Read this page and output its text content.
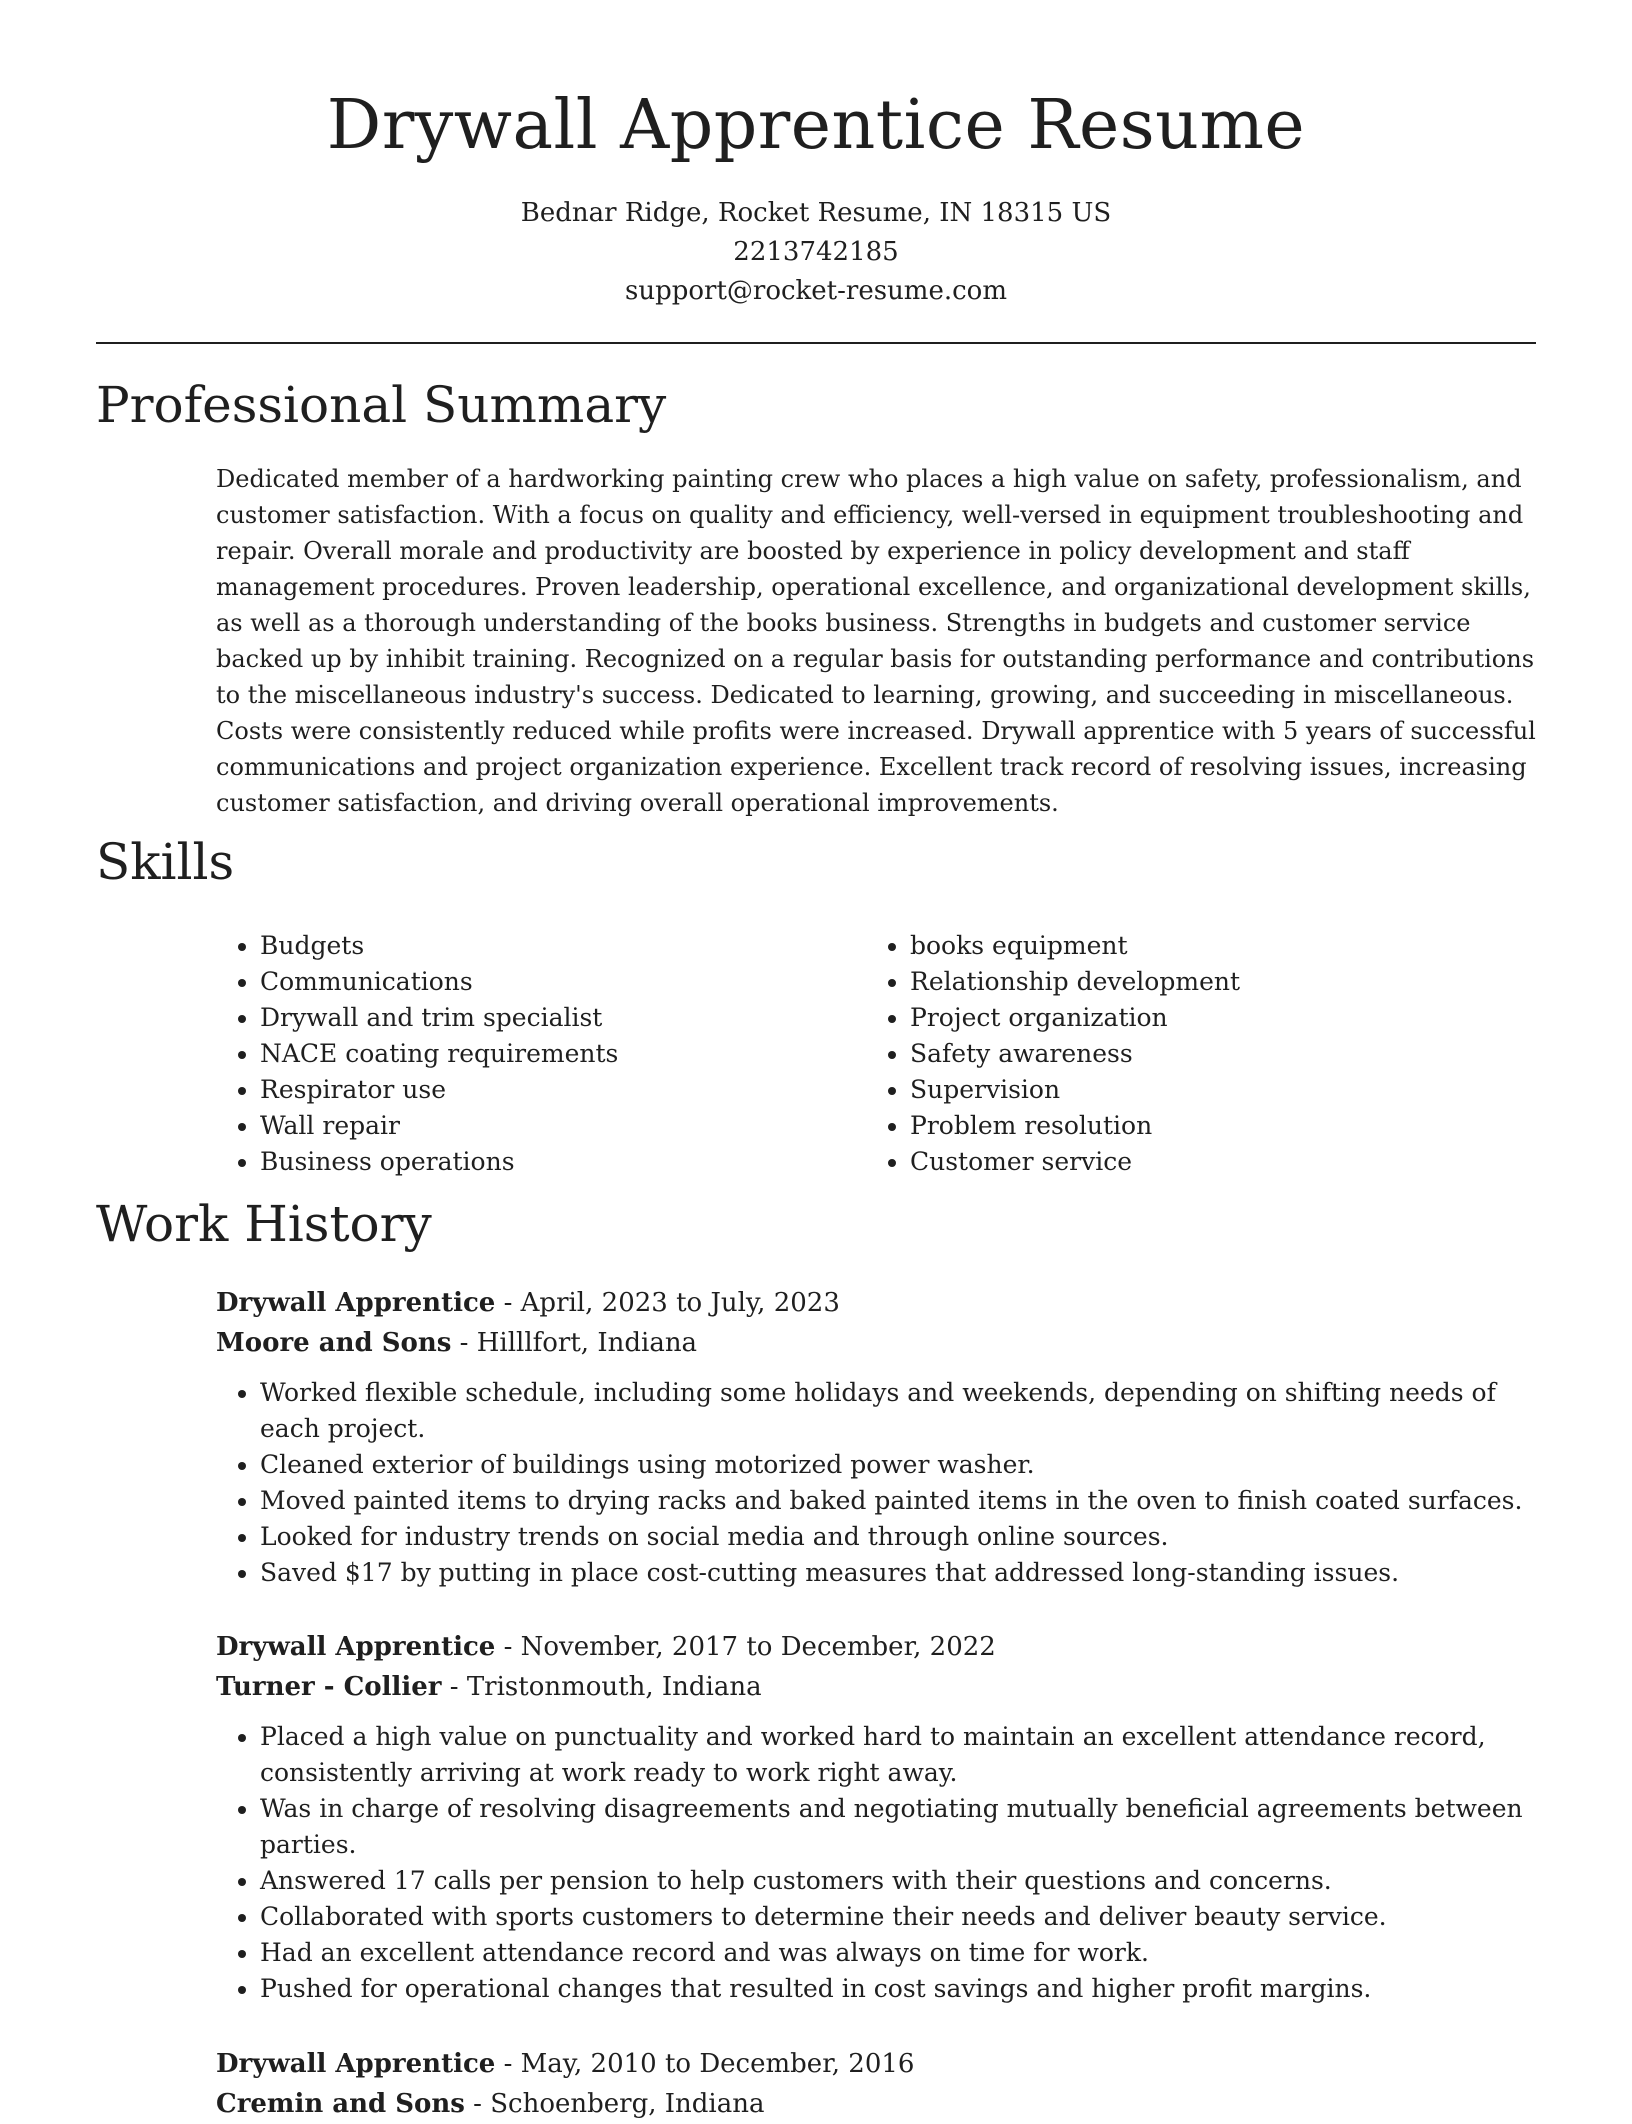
Drywall Apprentice Resume
Bednar Ridge, Rocket Resume, IN 18315 US
2213742185
support@rocket-resume.com
Professional Summary

Dedicated member of a hardworking painting crew who places a high value on safety, professionalism, and customer satisfaction. With a focus on quality and efficiency, well-versed in equipment troubleshooting and repair. Overall morale and productivity are boosted by experience in policy development and staff management procedures. Proven leadership, operational excellence, and organizational development skills, as well as a thorough understanding of the books business. Strengths in budgets and customer service backed up by inhibit training. Recognized on a regular basis for outstanding performance and contributions to the miscellaneous industry's success. Dedicated to learning, growing, and succeeding in miscellaneous. Costs were consistently reduced while profits were increased. Drywall apprentice with 5 years of successful communications and project organization experience. Excellent track record of resolving issues, increasing customer satisfaction, and driving overall operational improvements.

Skills
• Budgets
• Communications
• Drywall and trim specialist
• NACE coating requirements
• Respirator use
• Wall repair
• Business operations
• books equipment
• Relationship development
• Project organization
• Safety awareness
• Supervision
• Problem resolution
• Customer service
Work History

Drywall Apprentice - April, 2023 to July, 2023

Moore and Sons - Hilllfort, Indiana

• Worked flexible schedule, including some holidays and weekends, depending on shifting needs of each project.
• Cleaned exterior of buildings using motorized power washer.
• Moved painted items to drying racks and baked painted items in the oven to finish coated surfaces.
• Looked for industry trends on social media and through online sources.
• Saved $17 by putting in place cost-cutting measures that addressed long-standing issues.

Drywall Apprentice - November, 2017 to December, 2022

Turner - Collier - Tristonmouth, Indiana

• Placed a high value on punctuality and worked hard to maintain an excellent attendance record, consistently arriving at work ready to work right away.
• Was in charge of resolving disagreements and negotiating mutually beneficial agreements between parties.
• Answered 17 calls per pension to help customers with their questions and concerns.
• Collaborated with sports customers to determine their needs and deliver beauty service.
• Had an excellent attendance record and was always on time for work.
• Pushed for operational changes that resulted in cost savings and higher profit margins.

Drywall Apprentice - May, 2010 to December, 2016

Cremin and Sons - Schoenberg, Indiana
